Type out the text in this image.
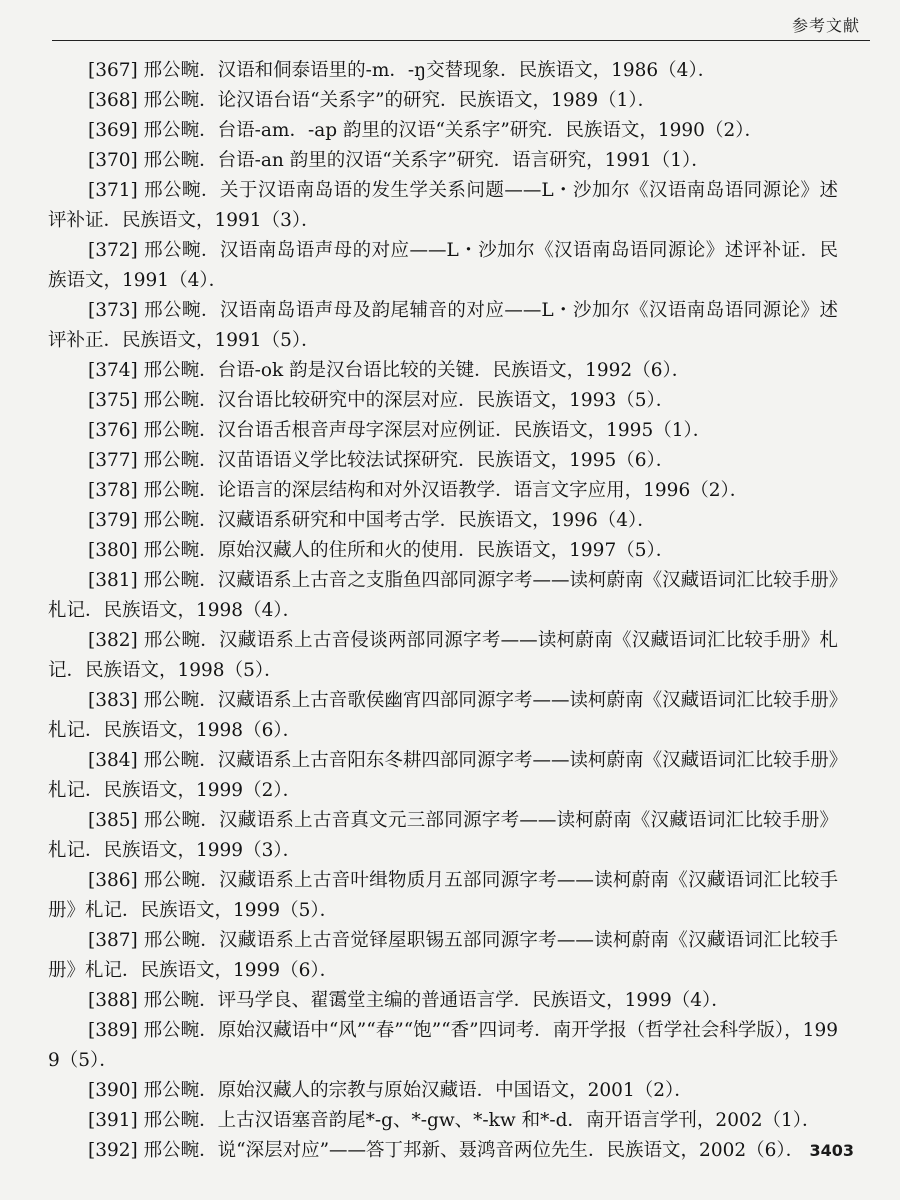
参考文献

[367] 邢公畹．汉语和侗泰语里的-m．-ŋ交替现象．民族语文，1986（4）．

[368] 邢公畹．论汉语台语“关系字”的研究．民族语文，1989（1）．

[369] 邢公畹．台语-am．-ap 韵里的汉语“关系字”研究．民族语文，1990（2）．

[370] 邢公畹．台语-an 韵里的汉语“关系字”研究．语言研究，1991（1）．

[371] 邢公畹．关于汉语南岛语的发生学关系问题——L・沙加尔《汉语南岛语同源论》述评补证．民族语文，1991（3）．

[372] 邢公畹．汉语南岛语声母的对应——L・沙加尔《汉语南岛语同源论》述评补证．民族语文，1991（4）．

[373] 邢公畹．汉语南岛语声母及韵尾辅音的对应——L・沙加尔《汉语南岛语同源论》述评补正．民族语文，1991（5）．

[374] 邢公畹．台语-ok 韵是汉台语比较的关键．民族语文，1992（6）．

[375] 邢公畹．汉台语比较研究中的深层对应．民族语文，1993（5）．

[376] 邢公畹．汉台语舌根音声母字深层对应例证．民族语文，1995（1）．

[377] 邢公畹．汉苗语语义学比较法试探研究．民族语文，1995（6）．

[378] 邢公畹．论语言的深层结构和对外汉语教学．语言文字应用，1996（2）．

[379] 邢公畹．汉藏语系研究和中国考古学．民族语文，1996（4）．

[380] 邢公畹．原始汉藏人的住所和火的使用．民族语文，1997（5）．

[381] 邢公畹．汉藏语系上古音之支脂鱼四部同源字考——读柯蔚南《汉藏语词汇比较手册》札记．民族语文，1998（4）．

[382] 邢公畹．汉藏语系上古音侵谈两部同源字考——读柯蔚南《汉藏语词汇比较手册》札记．民族语文，1998（5）．

[383] 邢公畹．汉藏语系上古音歌侯幽宵四部同源字考——读柯蔚南《汉藏语词汇比较手册》札记．民族语文，1998（6）．

[384] 邢公畹．汉藏语系上古音阳东冬耕四部同源字考——读柯蔚南《汉藏语词汇比较手册》札记．民族语文，1999（2）．

[385] 邢公畹．汉藏语系上古音真文元三部同源字考——读柯蔚南《汉藏语词汇比较手册》札记．民族语文，1999（3）．

[386] 邢公畹．汉藏语系上古音叶缉物质月五部同源字考——读柯蔚南《汉藏语词汇比较手册》札记．民族语文，1999（5）．

[387] 邢公畹．汉藏语系上古音觉铎屋职锡五部同源字考——读柯蔚南《汉藏语词汇比较手册》札记．民族语文，1999（6）．

[388] 邢公畹．评马学良、翟霭堂主编的普通语言学．民族语文，1999（4）．

[389] 邢公畹．原始汉藏语中“风”“春”“饱”“香”四词考．南开学报（哲学社会科学版），1999（5）．

[390] 邢公畹．原始汉藏人的宗教与原始汉藏语．中国语文，2001（2）．

[391] 邢公畹．上古汉语塞音韵尾*-g、*-gw、*-kw 和*-d．南开语言学刊，2002（1）．

[392] 邢公畹．说“深层对应”——答丁邦新、聂鸿音两位先生．民族语文，2002（6）． 3403
